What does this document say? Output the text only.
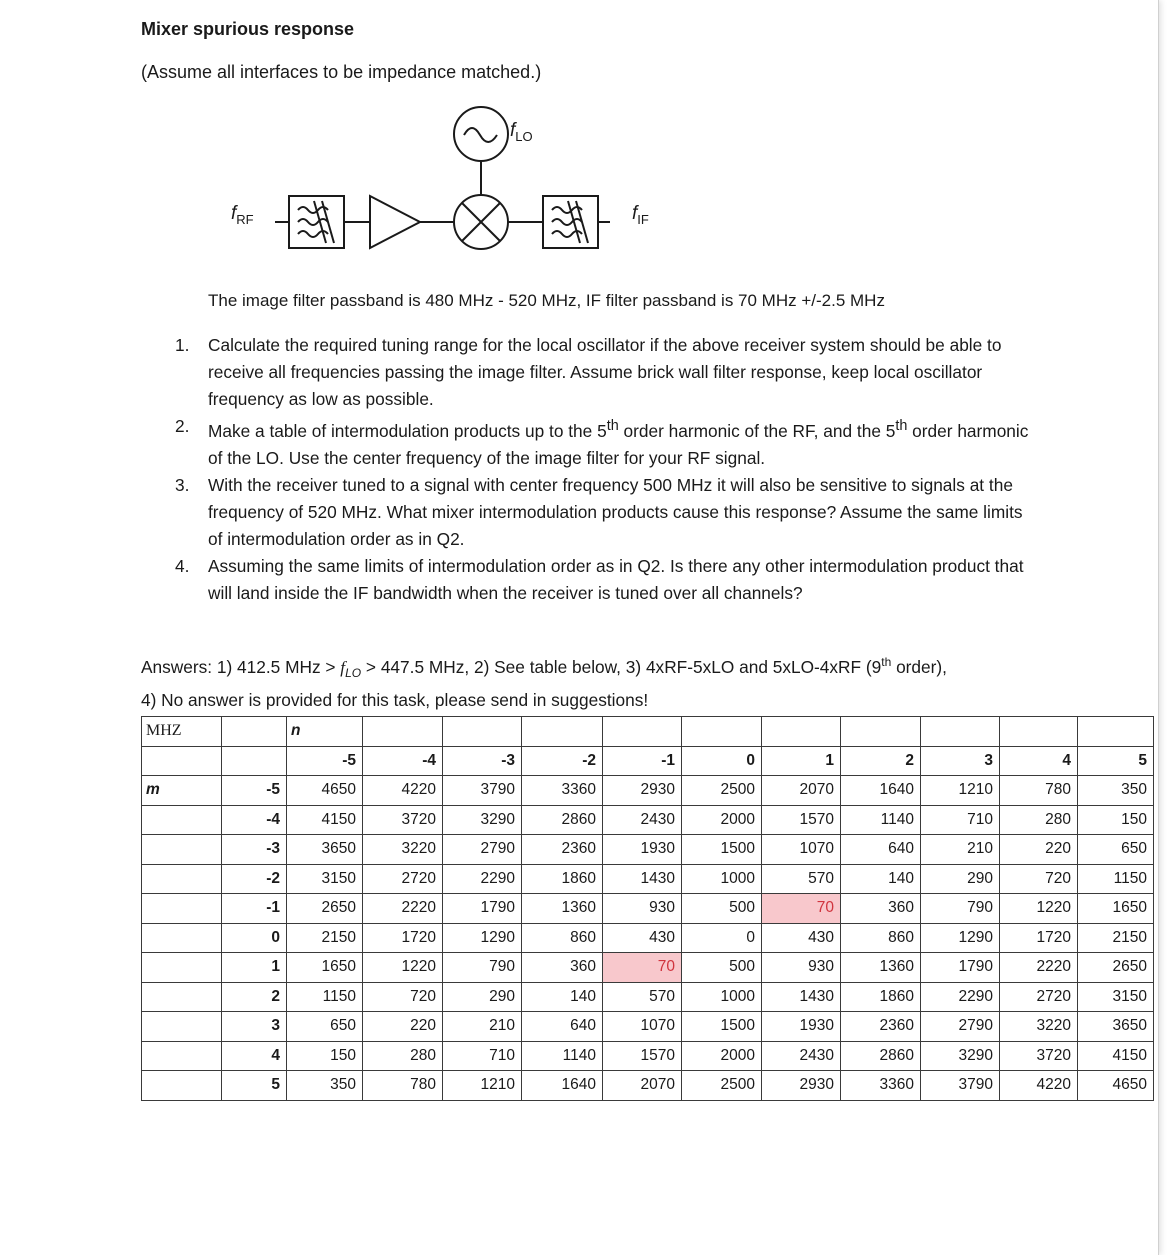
Mixer spurious response
(Assume all interfaces to be impedance matched.)
$f_{LO}$
$f_{RF}$	$f_{IF}$
The image filter passband is 480 MHz - 520 MHz, IF filter passband is 70 MHz +/-2.5 MHz
1. Calculate the required tuning range for the local oscillator if the above receiver system should be able to receive all frequencies passing the image filter. Assume brick wall filter response, keep local oscillator frequency as low as possible.
2. Make a table of intermodulation products up to the 5th order harmonic of the RF, and the 5th order harmonic of the LO. Use the center frequency of the image filter for your RF signal.
3. With the receiver tuned to a signal with center frequency 500 MHz it will also be sensitive to signals at the frequency of 520 MHz. What mixer intermodulation products cause this response? Assume the same limits of intermodulation order as in Q2.
4. Assuming the same limits of intermodulation order as in Q2. Is there any other intermodulation product that will land inside the IF bandwidth when the receiver is tuned over all channels?
Answers: 1) 412.5 MHz > $f_{LO} > 447.5$ MHz, 2) See table below, 3) 4xRF-5xLO and 5xLO-4xRF (9th order),
4) No answer is provided for this task, please send in suggestions!
MHZ		n										
		-5	-4	-3	-2	-1	0	1	2	3	4	5
m	-5	4650	4220	3790	3360	2930	2500	2070	1640	1210	780	350
	-4	4150	3720	3290	2860	2430	2000	1570	1140	710	280	150
	-3	3650	3220	2790	2360	1930	1500	1070	640	210	220	650
	-2	3150	2720	2290	1860	1430	1000	570	140	290	720	1150
	-1	2650	2220	1790	1360	930	500	70	360	790	1220	1650
	0	2150	1720	1290	860	430	0	430	860	1290	1720	2150
	1	1650	1220	790	360	70	500	930	1360	1790	2220	2650
	2	1150	720	290	140	570	1000	1430	1860	2290	2720	3150
	3	650	220	210	640	1070	1500	1930	2360	2790	3220	3650
	4	150	280	710	1140	1570	2000	2430	2860	3290	3720	4150
	5	350	780	1210	1640	2070	2500	2930	3360	3790	4220	4650
